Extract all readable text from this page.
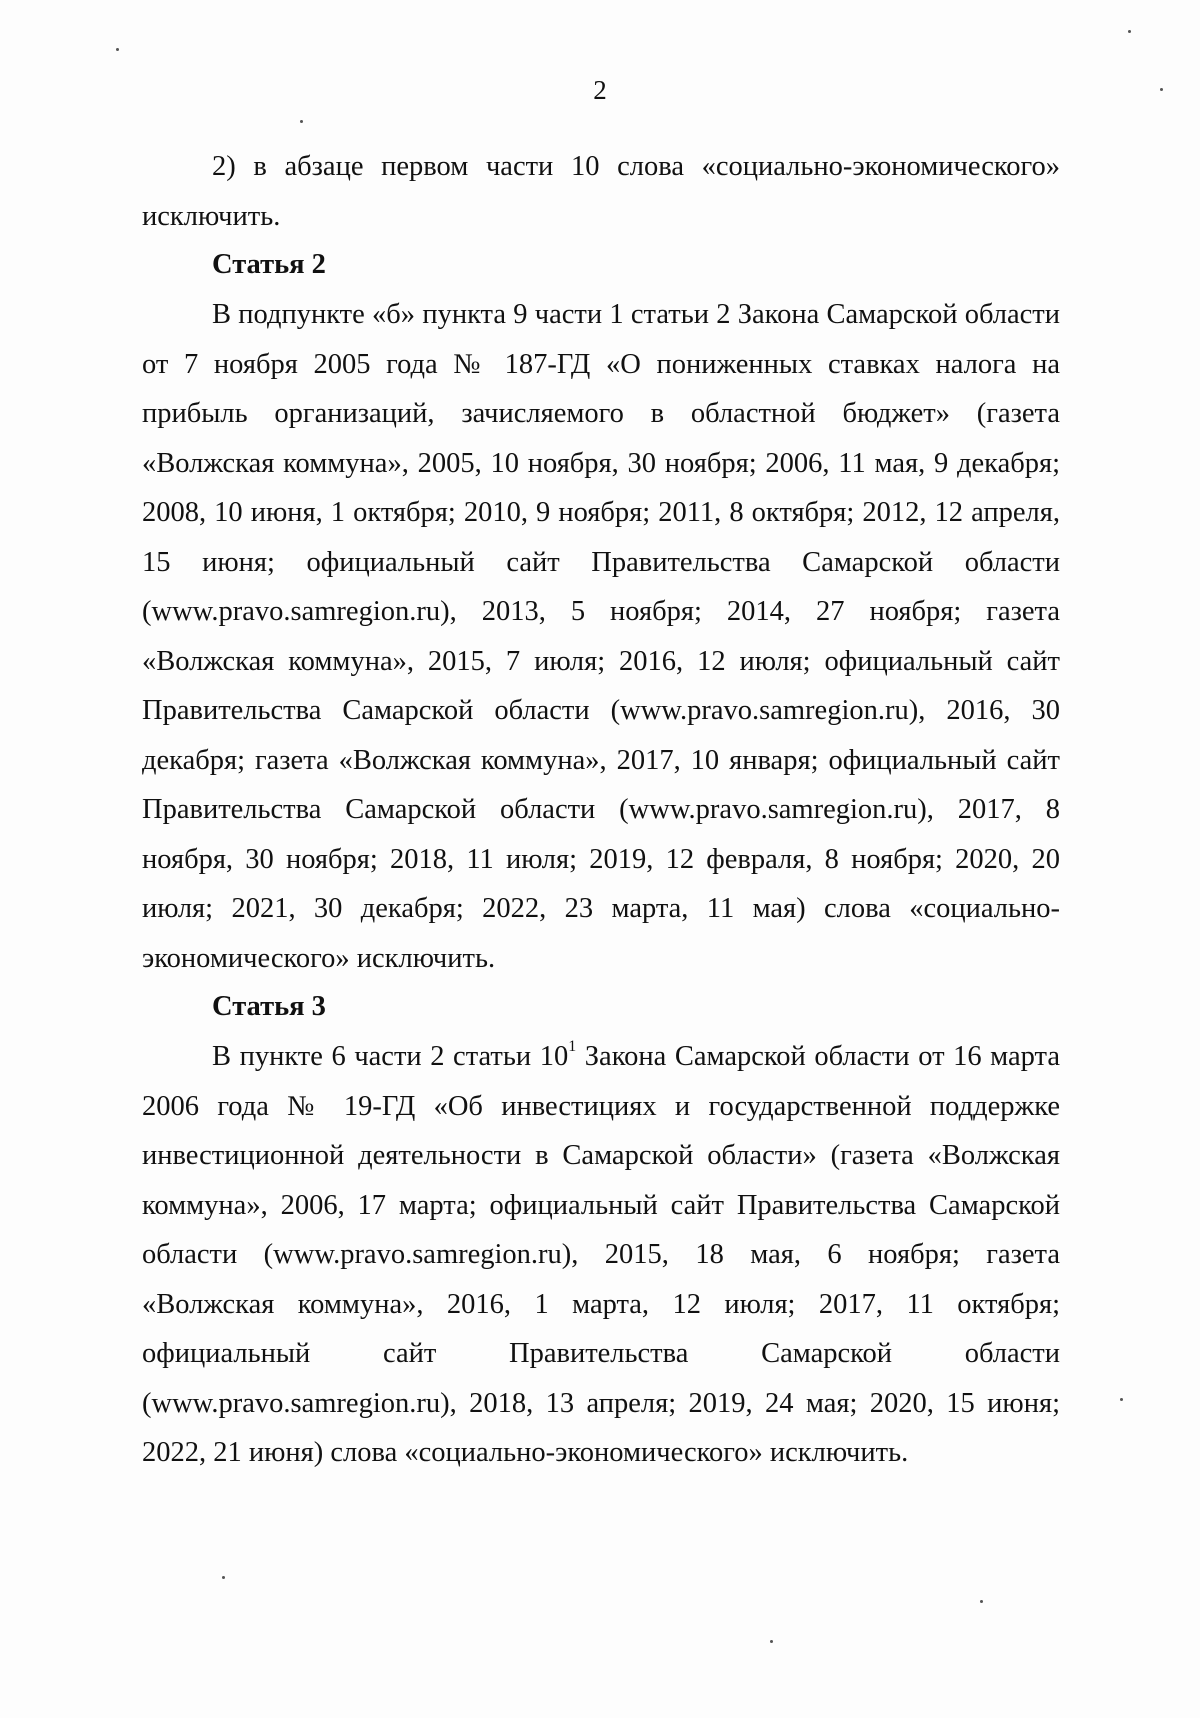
2

2) в абзаце первом части 10 слова «социально-экономического» исключить.

Статья 2

В подпункте «б» пункта 9 части 1 статьи 2 Закона Самарской области от 7 ноября 2005 года № 187-ГД «О пониженных ставках налога на прибыль организаций, зачисляемого в областной бюджет» (газета «Волжская коммуна», 2005, 10 ноября, 30 ноября; 2006, 11 мая, 9 декабря; 2008, 10 июня, 1 октября; 2010, 9 ноября; 2011, 8 октября; 2012, 12 апреля, 15 июня; официальный сайт Правительства Самарской области (www.pravo.samregion.ru), 2013, 5 ноября; 2014, 27 ноября; газета «Волжская коммуна», 2015, 7 июля; 2016, 12 июля; официальный сайт Правительства Самарской области (www.pravo.samregion.ru), 2016, 30 декабря; газета «Волжская коммуна», 2017, 10 января; официальный сайт Правительства Самарской области (www.pravo.samregion.ru), 2017, 8 ноября, 30 ноября; 2018, 11 июля; 2019, 12 февраля, 8 ноября; 2020, 20 июля; 2021, 30 декабря; 2022, 23 марта, 11 мая) слова «социально-экономического» исключить.

Статья 3

В пункте 6 части 2 статьи $10^1$ Закона Самарской области от 16 марта 2006 года № 19-ГД «Об инвестициях и государственной поддержке инвестиционной деятельности в Самарской области» (газета «Волжская коммуна», 2006, 17 марта; официальный сайт Правительства Самарской области (www.pravo.samregion.ru), 2015, 18 мая, 6 ноября; газета «Волжская коммуна», 2016, 1 марта, 12 июля; 2017, 11 октября; официальный сайт Правительства Самарской области (www.pravo.samregion.ru), 2018, 13 апреля; 2019, 24 мая; 2020, 15 июня; 2022, 21 июня) слова «социально-экономического» исключить.
